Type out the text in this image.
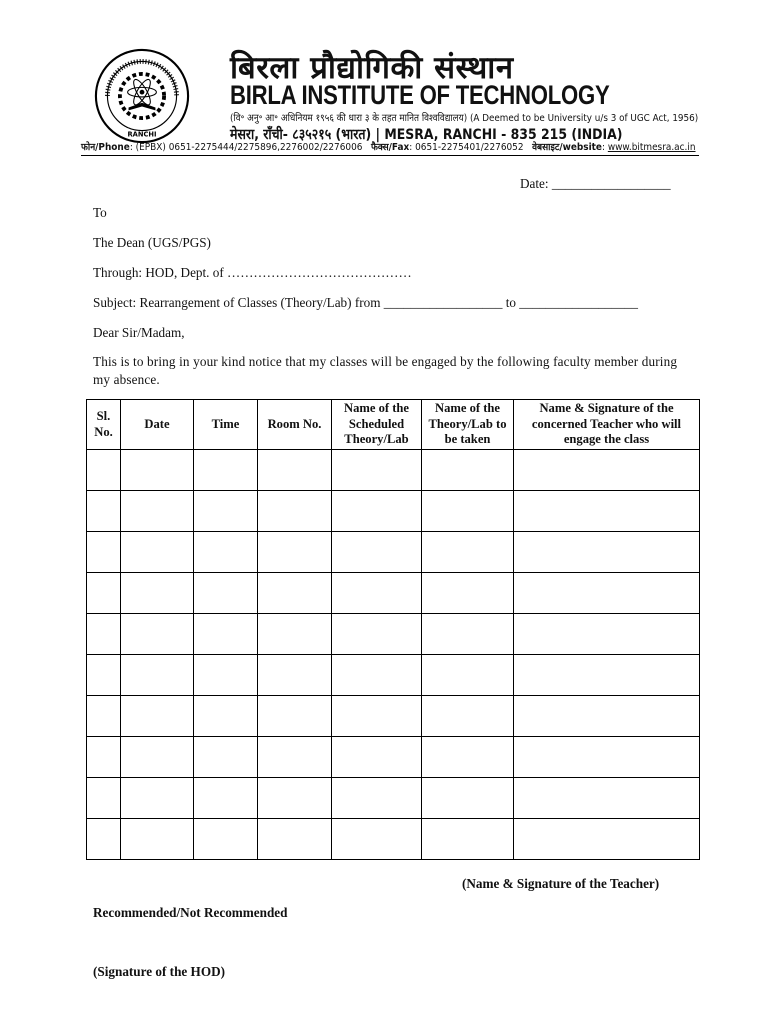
RANCHI
बिरला प्रौद्योगिकी संस्थान
BIRLA INSTITUTE OF TECHNOLOGY
(वि॰ अनु॰ आ॰ अधिनियम १९५६ की धारा ३ के तहत मानित विश्वविद्यालय) (A Deemed to be University u/s 3 of UGC Act, 1956)
मेसरा, राँची- ८३५२१५ (भारत) | MESRA, RANCHI - 835 215 (INDIA)
फोन/Phone: (EPBX) 0651-2275444/2275896,2276002/2276006 फैक्स/Fax: 0651-2275401/2276052 वेबसाइट/website: www.bitmesra.ac.in
Date: __________________
To
The Dean (UGS/PGS)
Through: HOD, Dept. of ……………………………………
Subject: Rearrangement of Classes (Theory/Lab) from __________________ to __________________
Dear Sir/Madam,
This is to bring in your kind notice that my classes will be engaged by the following faculty member during my absence.
Sl. No.	Date	Time	Room No.	Name of the Scheduled Theory/Lab	Name of the Theory/Lab to be taken	Name & Signature of the concerned Teacher who will engage the class

(Name & Signature of the Teacher)
Recommended/Not Recommended
(Signature of the HOD)
